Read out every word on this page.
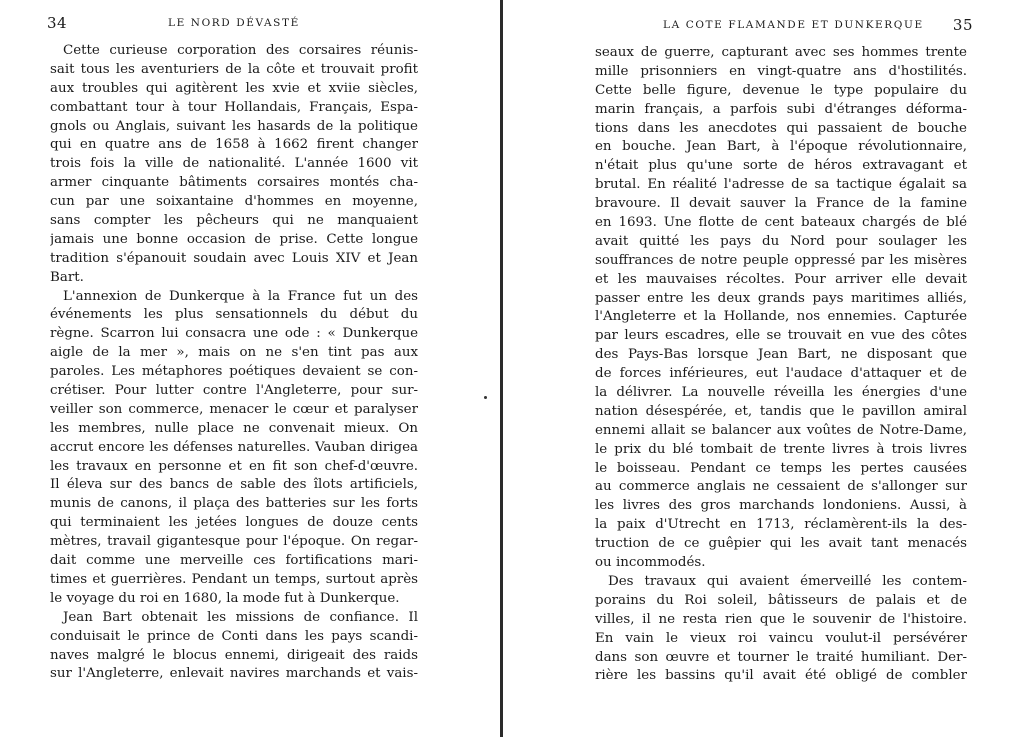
34	LE NORD DÉVASTÉ
Cette curieuse corporation des corsaires réunis-
sait tous les aventuriers de la côte et trouvait profit
aux troubles qui agitèrent les xvie et xviie siècles,
combattant tour à tour Hollandais, Français, Espa-
gnols ou Anglais, suivant les hasards de la politique
qui en quatre ans de 1658 à 1662 firent changer
trois fois la ville de nationalité. L'année 1600 vit
armer cinquante bâtiments corsaires montés cha-
cun par une soixantaine d'hommes en moyenne,
sans compter les pêcheurs qui ne manquaient
jamais une bonne occasion de prise. Cette longue
tradition s'épanouit soudain avec Louis XIV et Jean
Bart.
L'annexion de Dunkerque à la France fut un des
événements les plus sensationnels du début du
règne. Scarron lui consacra une ode : « Dunkerque
aigle de la mer », mais on ne s'en tint pas aux
paroles. Les métaphores poétiques devaient se con-
crétiser. Pour lutter contre l'Angleterre, pour sur-
veiller son commerce, menacer le cœur et paralyser
les membres, nulle place ne convenait mieux. On
accrut encore les défenses naturelles. Vauban dirigea
les travaux en personne et en fit son chef-d'œuvre.
Il éleva sur des bancs de sable des îlots artificiels,
munis de canons, il plaça des batteries sur les forts
qui terminaient les jetées longues de douze cents
mètres, travail gigantesque pour l'époque. On regar-
dait comme une merveille ces fortifications mari-
times et guerrières. Pendant un temps, surtout après
le voyage du roi en 1680, la mode fut à Dunkerque.
Jean Bart obtenait les missions de confiance. Il
conduisait le prince de Conti dans les pays scandi-
naves malgré le blocus ennemi, dirigeait des raids
sur l'Angleterre, enlevait navires marchands et vais-
LA COTE FLAMANDE ET DUNKERQUE 35
seaux de guerre, capturant avec ses hommes trente
mille prisonniers en vingt-quatre ans d'hostilités.
Cette belle figure, devenue le type populaire du
marin français, a parfois subi d'étranges déforma-
tions dans les anecdotes qui passaient de bouche
en bouche. Jean Bart, à l'époque révolutionnaire,
n'était plus qu'une sorte de héros extravagant et
brutal. En réalité l'adresse de sa tactique égalait sa
bravoure. Il devait sauver la France de la famine
en 1693. Une flotte de cent bateaux chargés de blé
avait quitté les pays du Nord pour soulager les
souffrances de notre peuple oppressé par les misères
et les mauvaises récoltes. Pour arriver elle devait
passer entre les deux grands pays maritimes alliés,
l'Angleterre et la Hollande, nos ennemies. Capturée
par leurs escadres, elle se trouvait en vue des côtes
des Pays-Bas lorsque Jean Bart, ne disposant que
de forces inférieures, eut l'audace d'attaquer et de
la délivrer. La nouvelle réveilla les énergies d'une
nation désespérée, et, tandis que le pavillon amiral
ennemi allait se balancer aux voûtes de Notre-Dame,
le prix du blé tombait de trente livres à trois livres
le boisseau. Pendant ce temps les pertes causées
au commerce anglais ne cessaient de s'allonger sur
les livres des gros marchands londoniens. Aussi, à
la paix d'Utrecht en 1713, réclamèrent-ils la des-
truction de ce guêpier qui les avait tant menacés
ou incommodés.
Des travaux qui avaient émerveillé les contem-
porains du Roi soleil, bâtisseurs de palais et de
villes, il ne resta rien que le souvenir de l'histoire.
En vain le vieux roi vaincu voulut-il persévérer
dans son œuvre et tourner le traité humiliant. Der-
rière les bassins qu'il avait été obligé de combler
